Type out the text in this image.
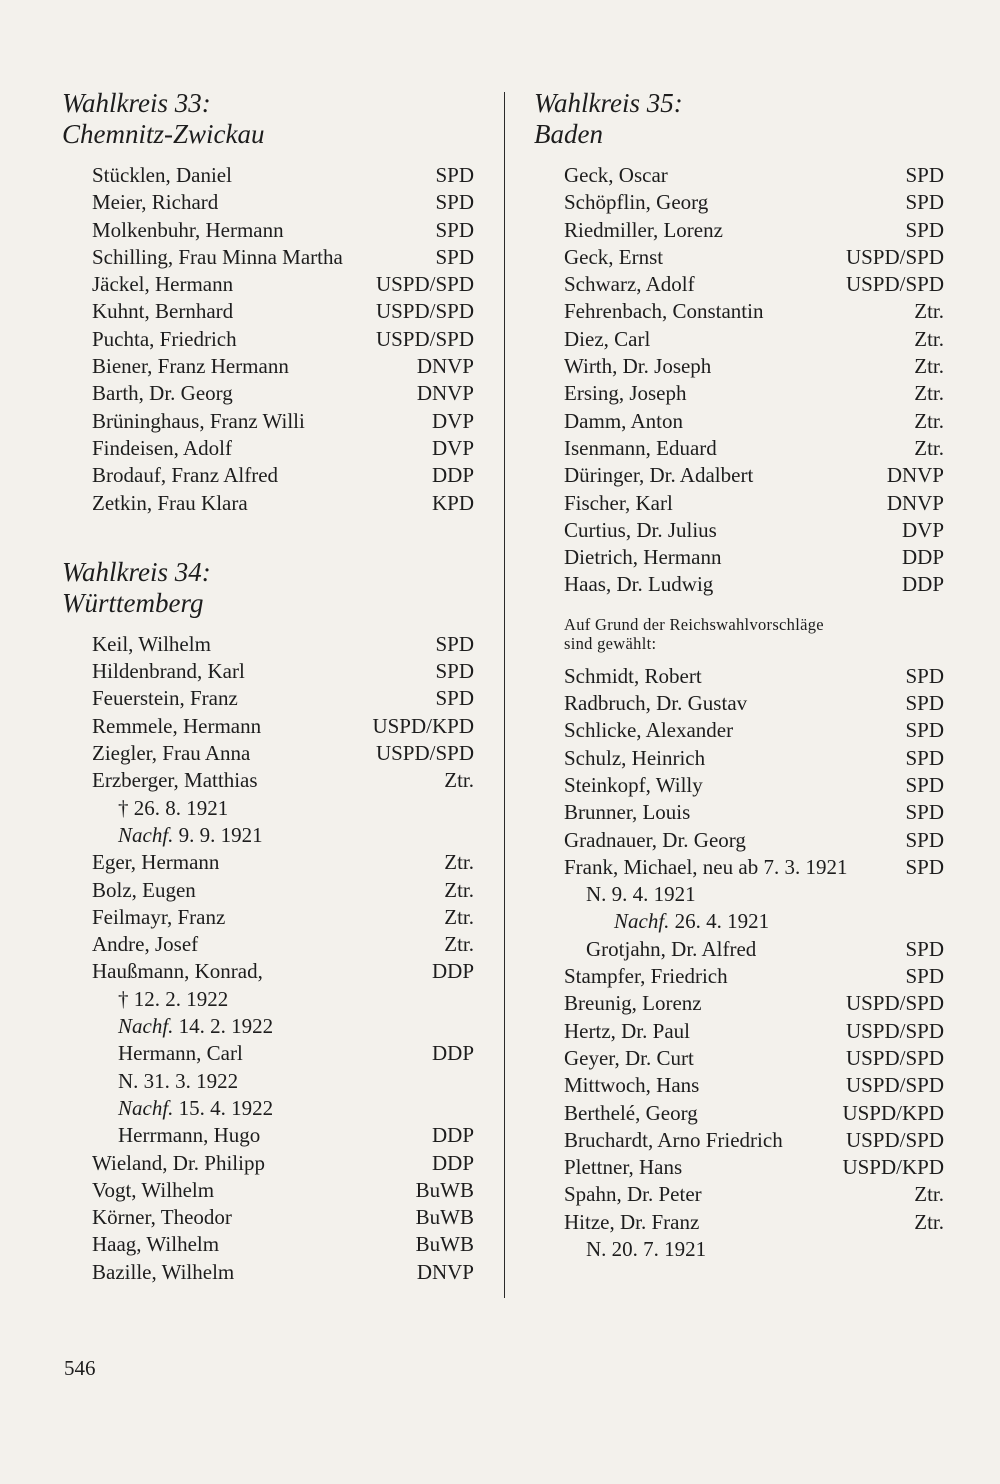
Wahlkreis 33:
Chemnitz-Zwickau
Stücklen, Daniel	SPD
Meier, Richard	SPD
Molkenbuhr, Hermann	SPD
Schilling, Frau Minna Martha	SPD
Jäckel, Hermann	USPD/SPD
Kuhnt, Bernhard	USPD/SPD
Puchta, Friedrich	USPD/SPD
Biener, Franz Hermann	DNVP
Barth, Dr. Georg	DNVP
Brüninghaus, Franz Willi	DVP
Findeisen, Adolf	DVP
Brodauf, Franz Alfred	DDP
Zetkin, Frau Klara	KPD
Wahlkreis 34:
Württemberg
Keil, Wilhelm	SPD
Hildenbrand, Karl	SPD
Feuerstein, Franz	SPD
Remmele, Hermann	USPD/KPD
Ziegler, Frau Anna	USPD/SPD
Erzberger, Matthias	Ztr.
† 26. 8. 1921
Nachf. 9. 9. 1921
Eger, Hermann	Ztr.
Bolz, Eugen	Ztr.
Feilmayr, Franz	Ztr.
Andre, Josef	Ztr.
Haußmann, Konrad,	DDP
† 12. 2. 1922
Nachf. 14. 2. 1922
Hermann, Carl	DDP
N. 31. 3. 1922
Nachf. 15. 4. 1922
Herrmann, Hugo	DDP
Wieland, Dr. Philipp	DDP
Vogt, Wilhelm	BuWB
Körner, Theodor	BuWB
Haag, Wilhelm	BuWB
Bazille, Wilhelm	DNVP
Wahlkreis 35:
Baden
Geck, Oscar	SPD
Schöpflin, Georg	SPD
Riedmiller, Lorenz	SPD
Geck, Ernst	USPD/SPD
Schwarz, Adolf	USPD/SPD
Fehrenbach, Constantin	Ztr.
Diez, Carl	Ztr.
Wirth, Dr. Joseph	Ztr.
Ersing, Joseph	Ztr.
Damm, Anton	Ztr.
Isenmann, Eduard	Ztr.
Düringer, Dr. Adalbert	DNVP
Fischer, Karl	DNVP
Curtius, Dr. Julius	DVP
Dietrich, Hermann	DDP
Haas, Dr. Ludwig	DDP
Auf Grund der Reichswahlvorschläge
sind gewählt:
Schmidt, Robert	SPD
Radbruch, Dr. Gustav	SPD
Schlicke, Alexander	SPD
Schulz, Heinrich	SPD
Steinkopf, Willy	SPD
Brunner, Louis	SPD
Gradnauer, Dr. Georg	SPD
Frank, Michael, neu ab 7. 3. 1921	SPD
N. 9. 4. 1921
Nachf. 26. 4. 1921
Grotjahn, Dr. Alfred	SPD
Stampfer, Friedrich	SPD
Breunig, Lorenz	USPD/SPD
Hertz, Dr. Paul	USPD/SPD
Geyer, Dr. Curt	USPD/SPD
Mittwoch, Hans	USPD/SPD
Berthelé, Georg	USPD/KPD
Bruchardt, Arno Friedrich	USPD/SPD
Plettner, Hans	USPD/KPD
Spahn, Dr. Peter	Ztr.
Hitze, Dr. Franz	Ztr.
N. 20. 7. 1921
546
